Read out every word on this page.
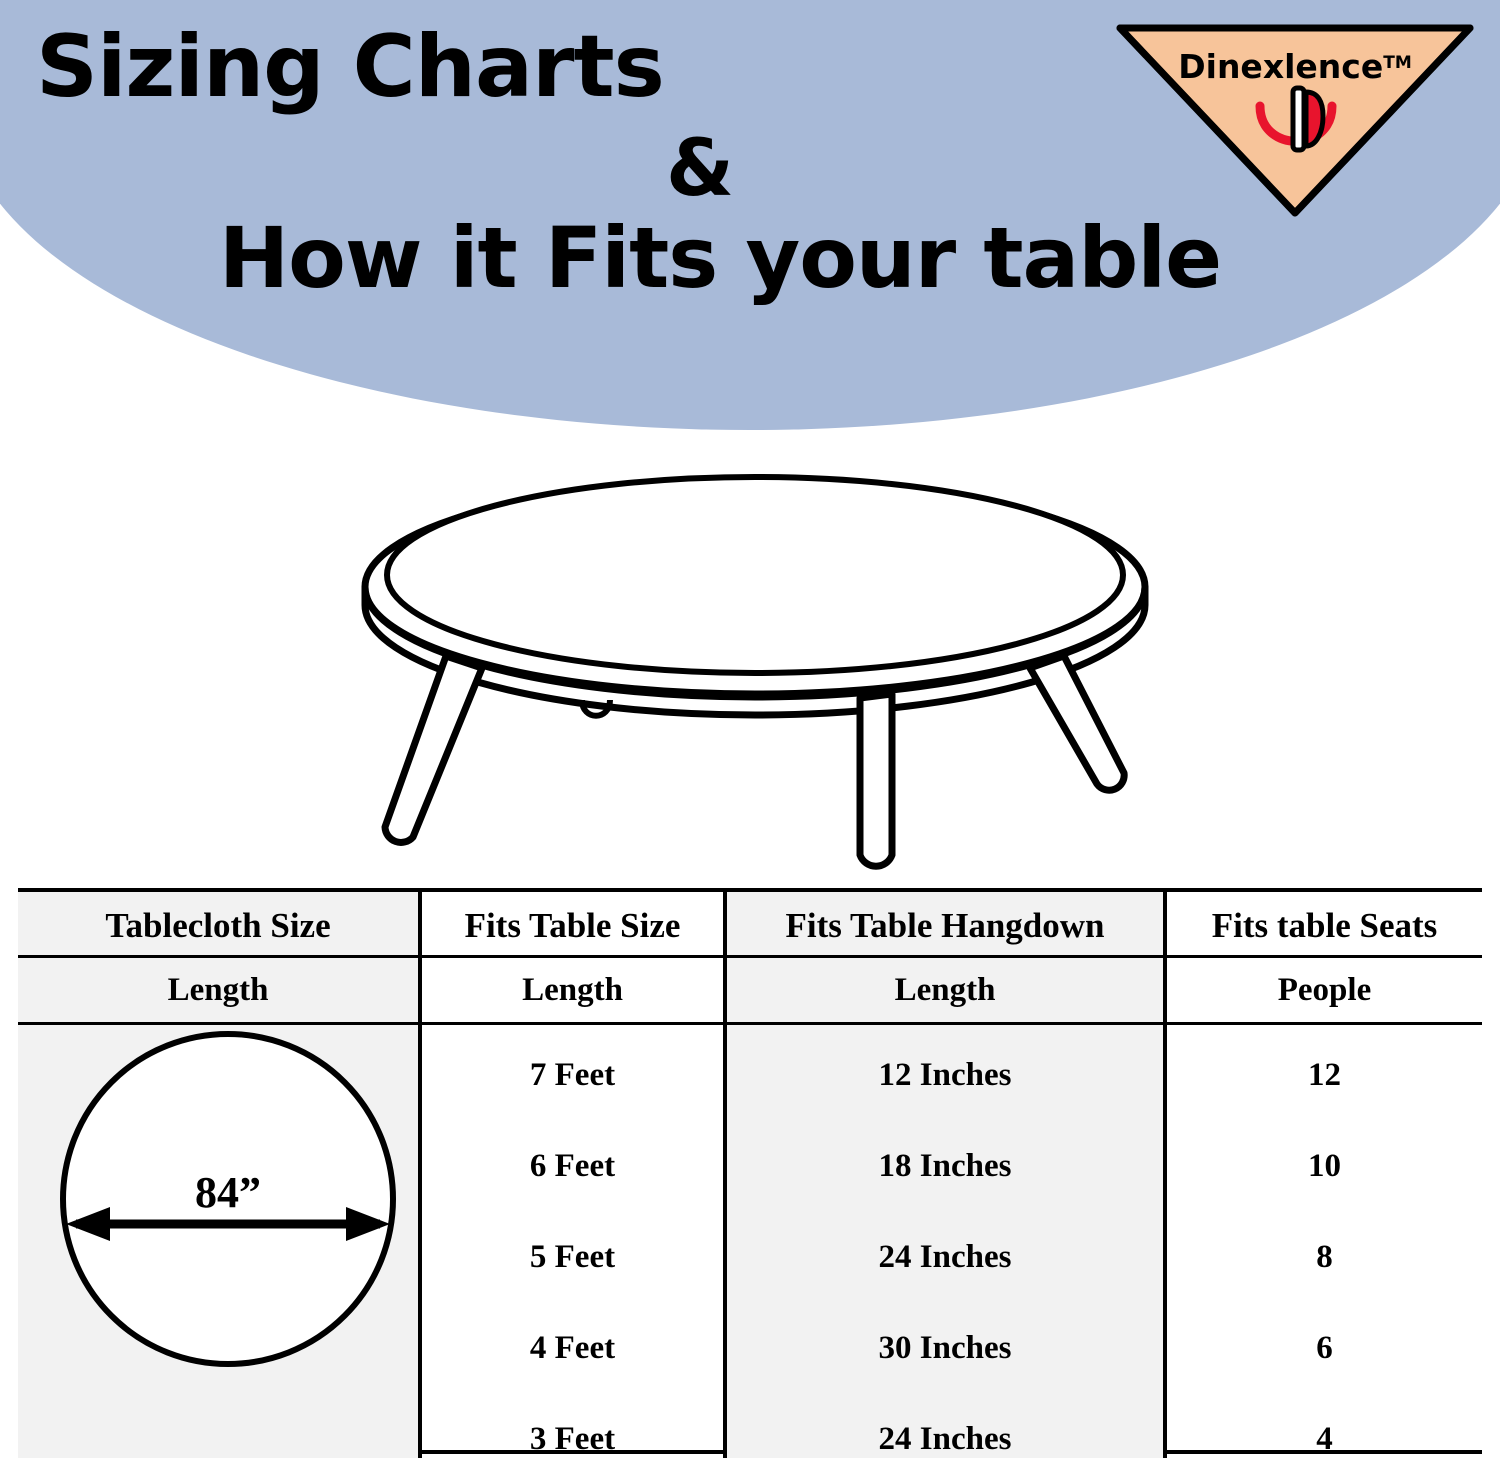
Sizing Charts
&
How it Fits your table
Dinexlence™
Tablecloth Size	Fits Table Size	Fits Table Hangdown	Fits table Seats
Length	Length	Length	People
84”
7 Feet	12 Inches	12
6 Feet	18 Inches	10
5 Feet	24 Inches	8
4 Feet	30 Inches	6
3 Feet	24 Inches	4
